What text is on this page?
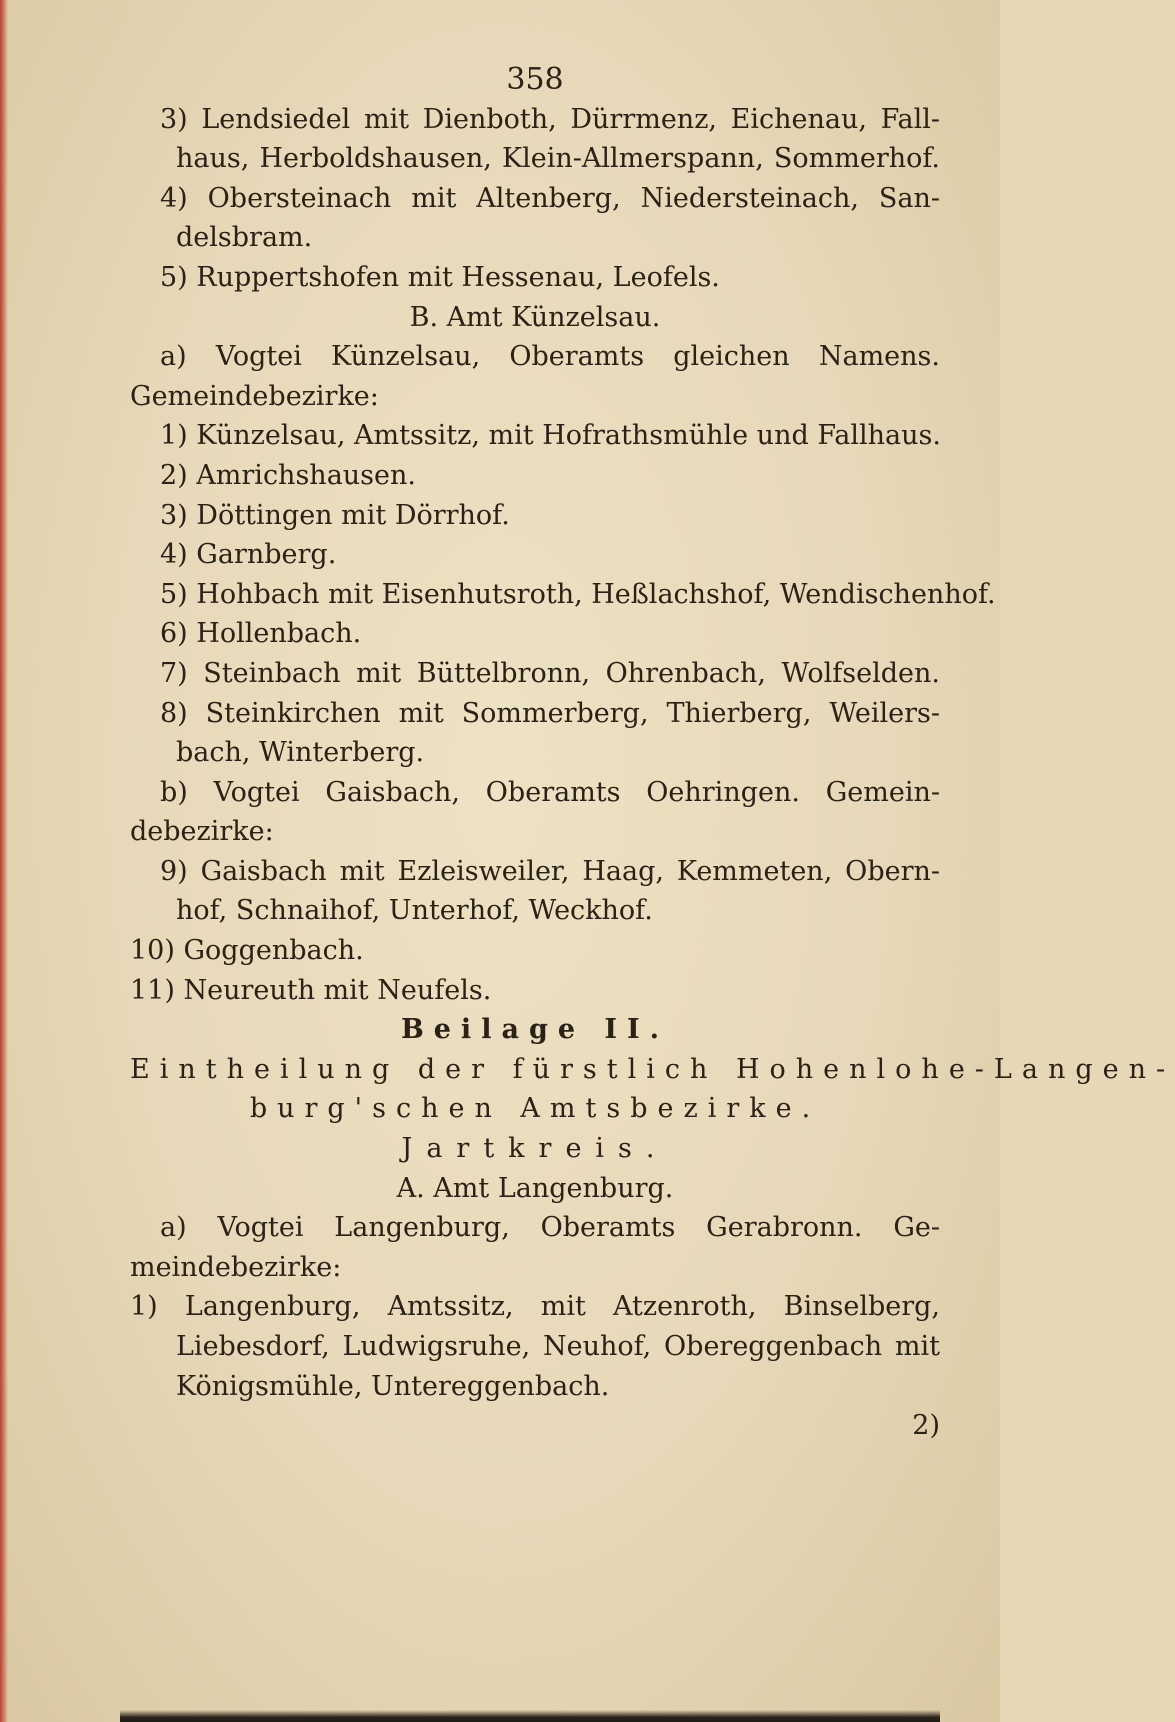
358
3) Lendsiedel mit Dienboth, Dürrmenz, Eichenau, Fall-
haus, Herboldshausen, Klein-Allmerspann, Sommerhof.
4) Obersteinach mit Altenberg, Niedersteinach, San-
delsbram.
5) Ruppertshofen mit Hessenau, Leofels.
B. Amt Künzelsau.
a) Vogtei Künzelsau, Oberamts gleichen Namens.
Gemeindebezirke:
1) Künzelsau, Amtssitz, mit Hofrathsmühle und Fallhaus.
2) Amrichshausen.
3) Döttingen mit Dörrhof.
4) Garnberg.
5) Hohbach mit Eisenhutsroth, Heßlachshof, Wendischenhof.
6) Hollenbach.
7) Steinbach mit Büttelbronn, Ohrenbach, Wolfselden.
8) Steinkirchen mit Sommerberg, Thierberg, Weilers-
bach, Winterberg.
b) Vogtei Gaisbach, Oberamts Oehringen. Gemein-
debezirke:
9) Gaisbach mit Ezleisweiler, Haag, Kemmeten, Obern-
hof, Schnaihof, Unterhof, Weckhof.
10) Goggenbach.
11) Neureuth mit Neufels.
Beilage II.
Eintheilung der fürstlich Hohenlohe-Langen-
burg'schen Amtsbezirke.
Jartkreis.
A. Amt Langenburg.
a) Vogtei Langenburg, Oberamts Gerabronn. Ge-
meindebezirke:
1) Langenburg, Amtssitz, mit Atzenroth, Binselberg,
Liebesdorf, Ludwigsruhe, Neuhof, Obereggenbach mit
Königsmühle, Untereggenbach.
2)
